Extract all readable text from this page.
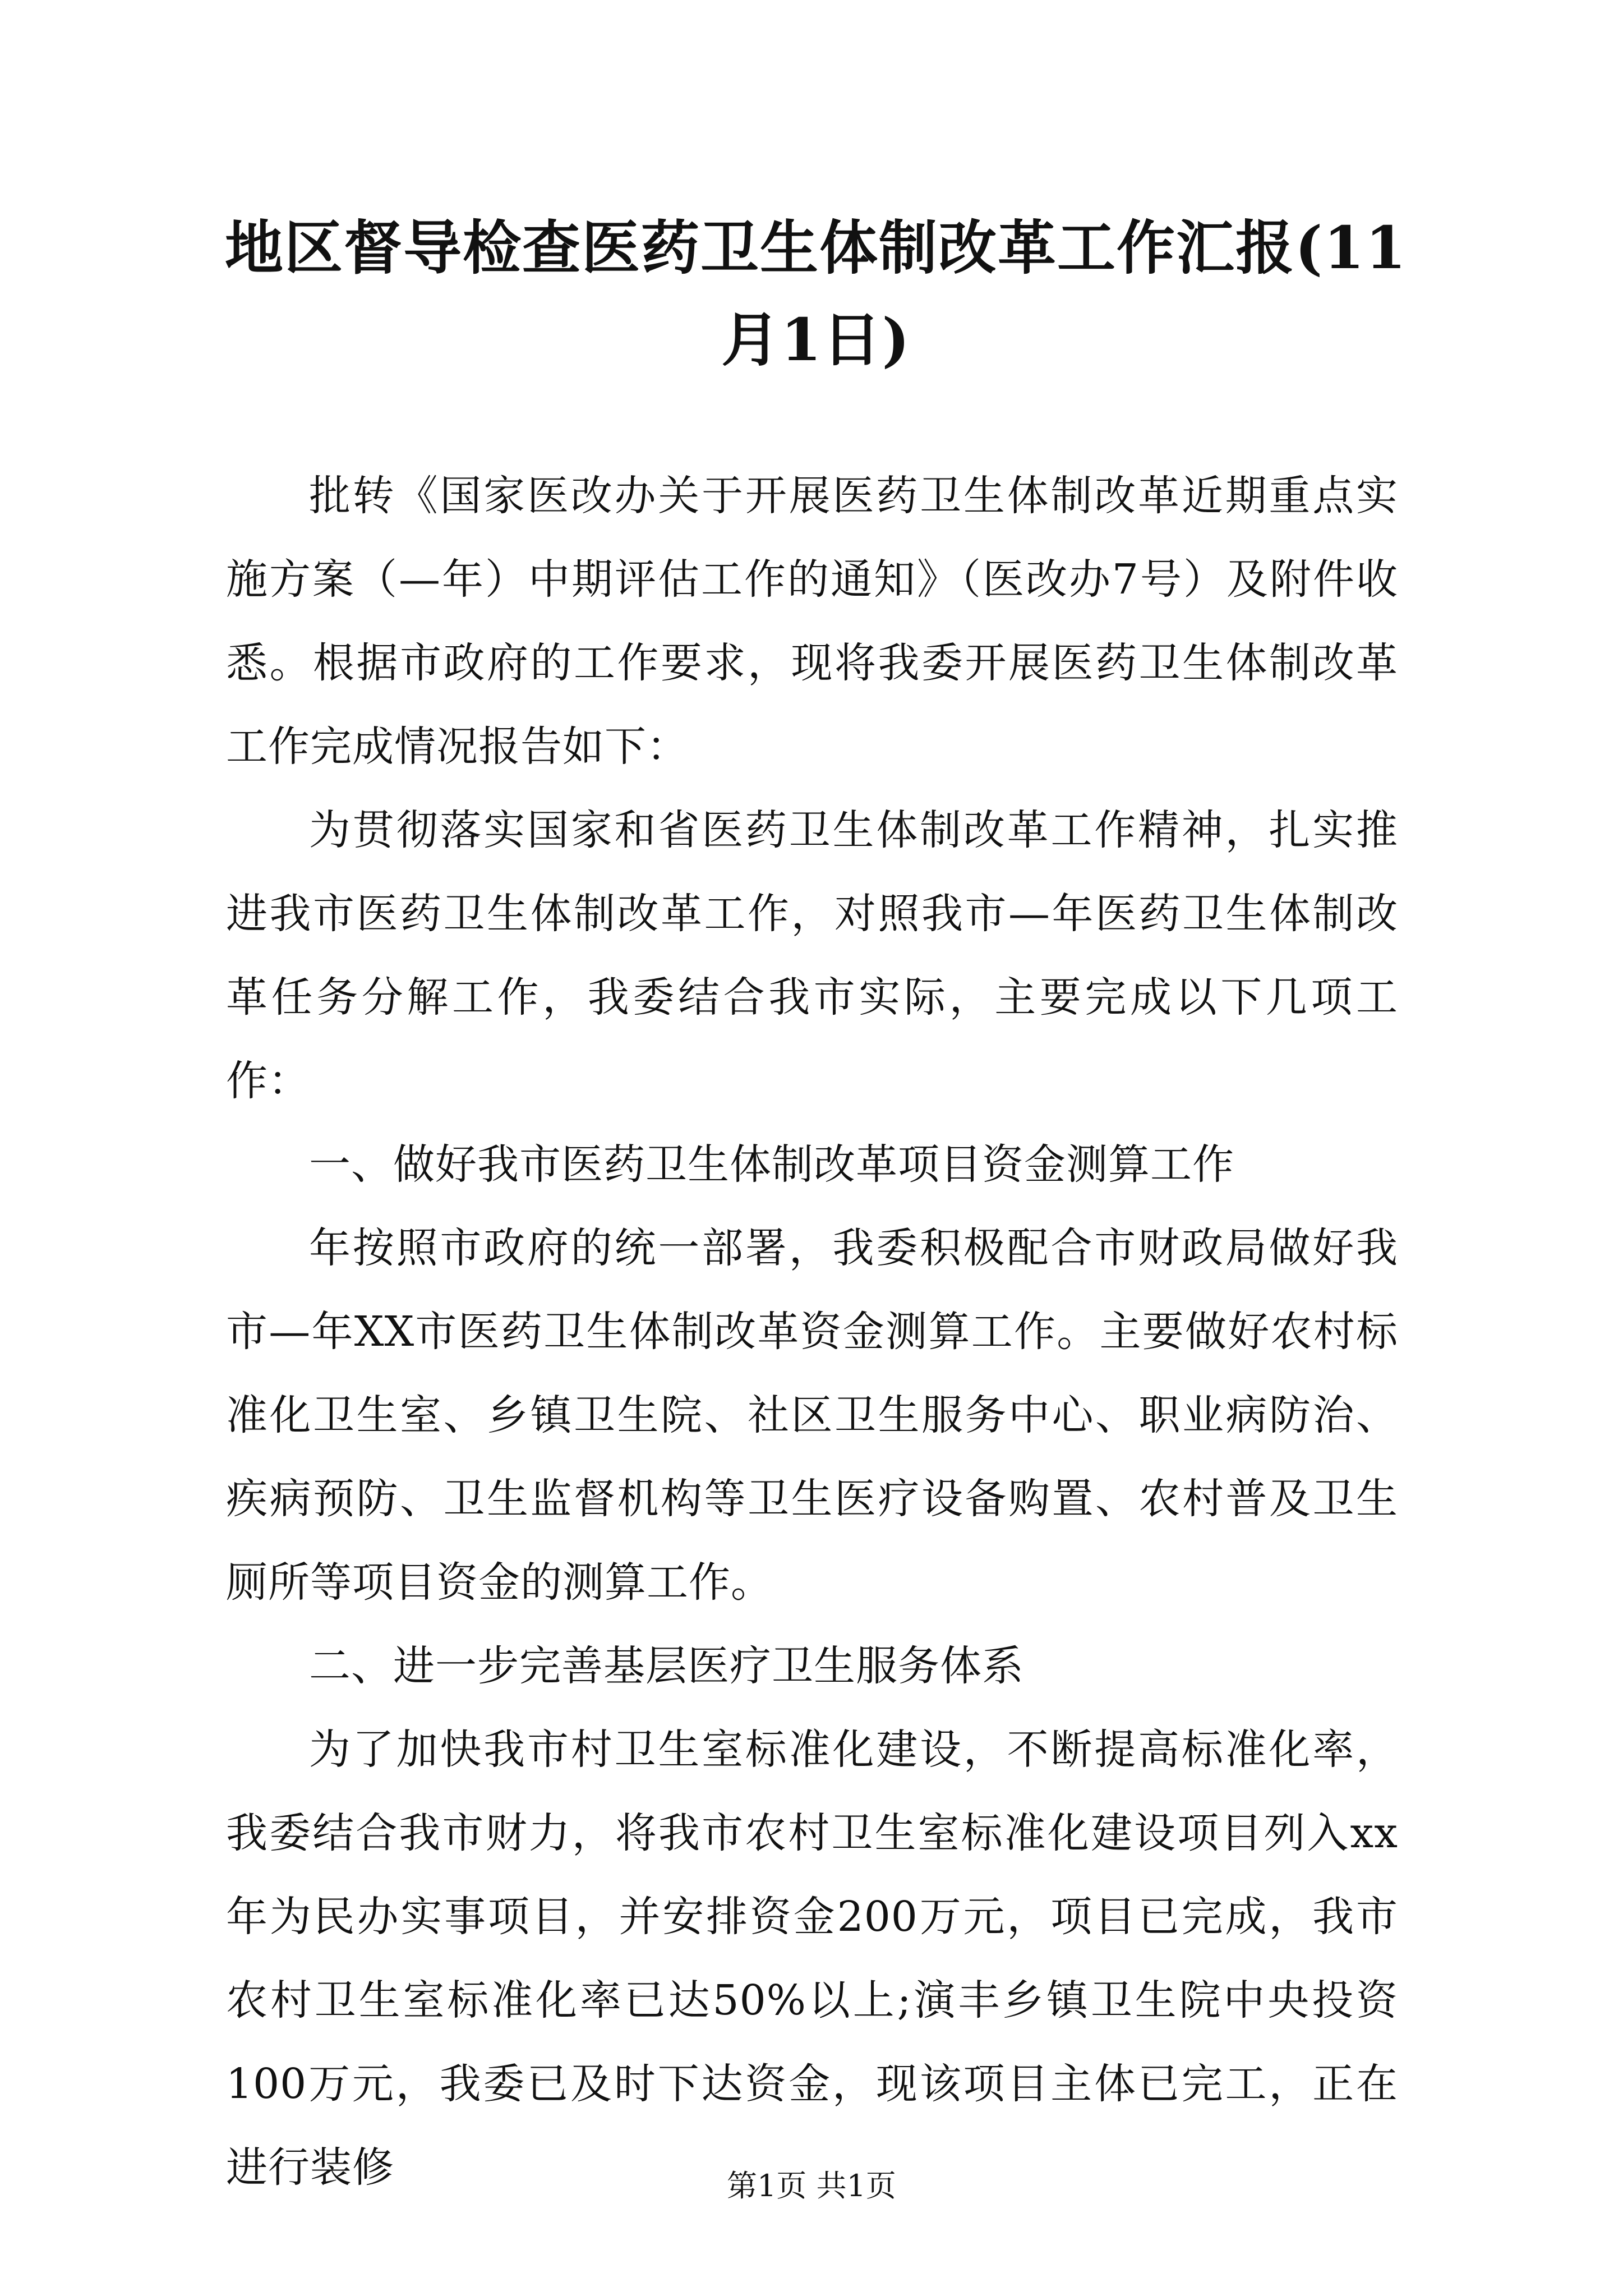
地区督导检查医药卫生体制改革工作汇报(11月1日)

批转《国家医改办关于开展医药卫生体制改革近期重点实施方案（—年）中期评估工作的通知》（医改办7号）及附件收悉。根据市政府的工作要求，现将我委开展医药卫生体制改革工作完成情况报告如下：

为贯彻落实国家和省医药卫生体制改革工作精神，扎实推进我市医药卫生体制改革工作，对照我市—年医药卫生体制改革任务分解工作，我委结合我市实际，主要完成以下几项工作：

一、做好我市医药卫生体制改革项目资金测算工作

年按照市政府的统一部署，我委积极配合市财政局做好我市—年XX市医药卫生体制改革资金测算工作。主要做好农村标准化卫生室、乡镇卫生院、社区卫生服务中心、职业病防治、疾病预防、卫生监督机构等卫生医疗设备购置、农村普及卫生厕所等项目资金的测算工作。

二、进一步完善基层医疗卫生服务体系

为了加快我市村卫生室标准化建设，不断提高标准化率，我委结合我市财力，将我市农村卫生室标准化建设项目列入xx年为民办实事项目，并安排资金200万元，项目已完成，我市农村卫生室标准化率已达50%以上;演丰乡镇卫生院中央投资100万元，我委已及时下达资金，现该项目主体已完工，正在进行装修	第1页 共1页
